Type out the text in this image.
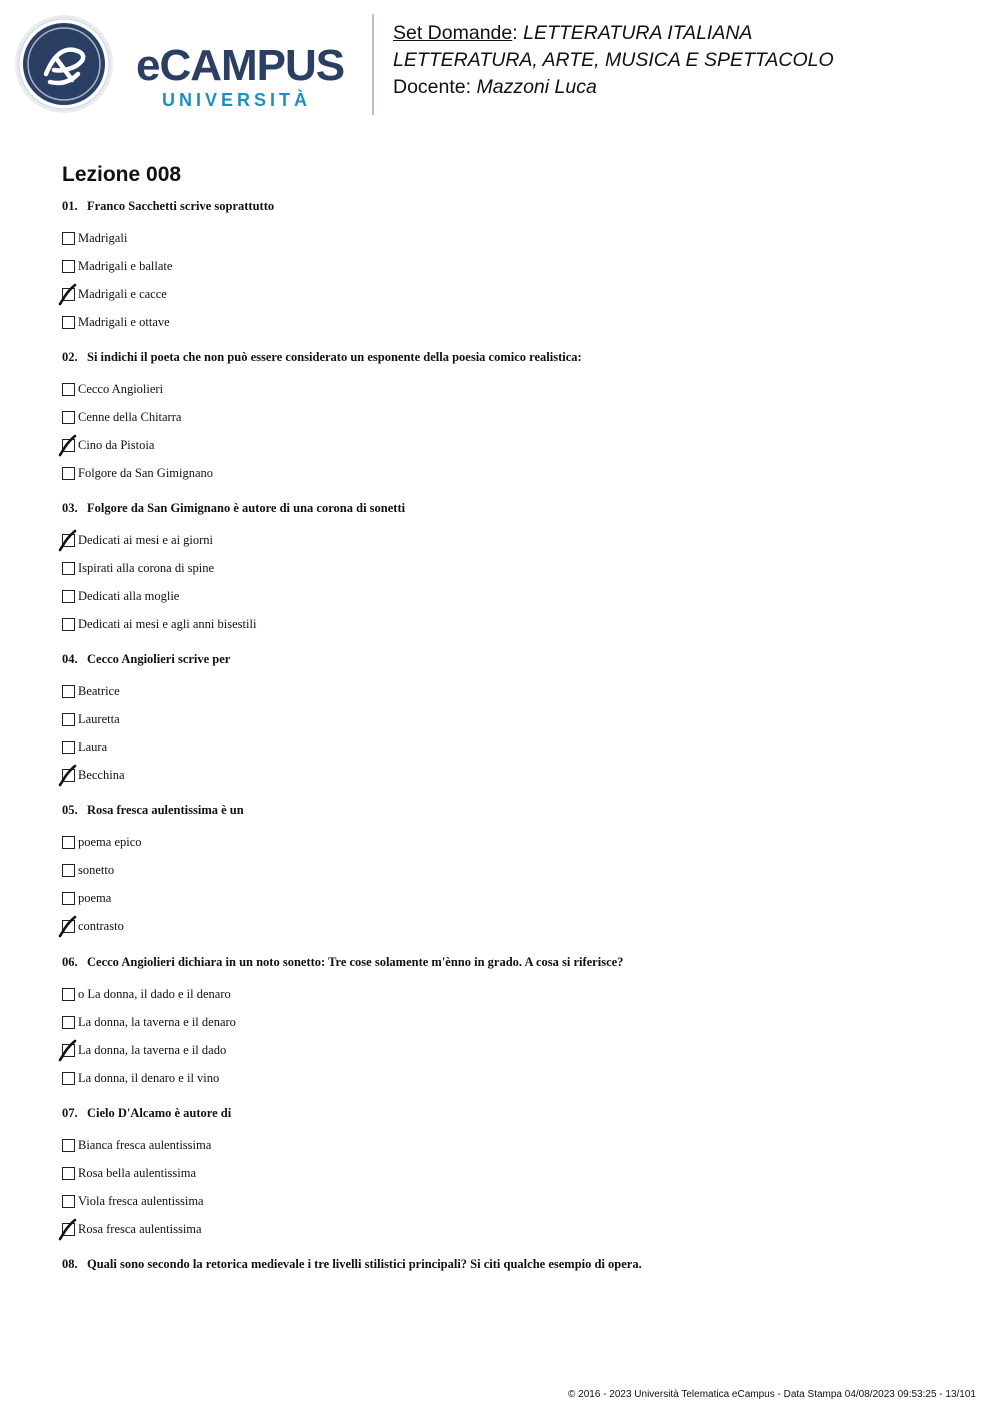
eCAMPUS
UNIVERSITÀ
Set Domande: LETTERATURA ITALIANA
LETTERATURA, ARTE, MUSICA E SPETTACOLO
Docente: Mazzoni Luca
Lezione 008
01. Franco Sacchetti scrive soprattutto
Madrigali
Madrigali e ballate
Madrigali e cacce
Madrigali e ottave
02. Si indichi il poeta che non può essere considerato un esponente della poesia comico realistica:
Cecco Angiolieri
Cenne della Chitarra
Cino da Pistoia
Folgore da San Gimignano
03. Folgore da San Gimignano è autore di una corona di sonetti
Dedicati ai mesi e ai giorni
Ispirati alla corona di spine
Dedicati alla moglie
Dedicati ai mesi e agli anni bisestili
04. Cecco Angiolieri scrive per
Beatrice
Lauretta
Laura
Becchina
05. Rosa fresca aulentissima è un
poema epico
sonetto
poema
contrasto
06. Cecco Angiolieri dichiara in un noto sonetto: Tre cose solamente m'ènno in grado. A cosa si riferisce?
o La donna, il dado e il denaro
La donna, la taverna e il denaro
La donna, la taverna e il dado
La donna, il denaro e il vino
07. Cielo D'Alcamo è autore di
Bianca fresca aulentissima
Rosa bella aulentissima
Viola fresca aulentissima
Rosa fresca aulentissima
08. Quali sono secondo la retorica medievale i tre livelli stilistici principali? Si citi qualche esempio di opera.
© 2016 - 2023 Università Telematica eCampus - Data Stampa 04/08/2023 09:53:25 - 13/101
